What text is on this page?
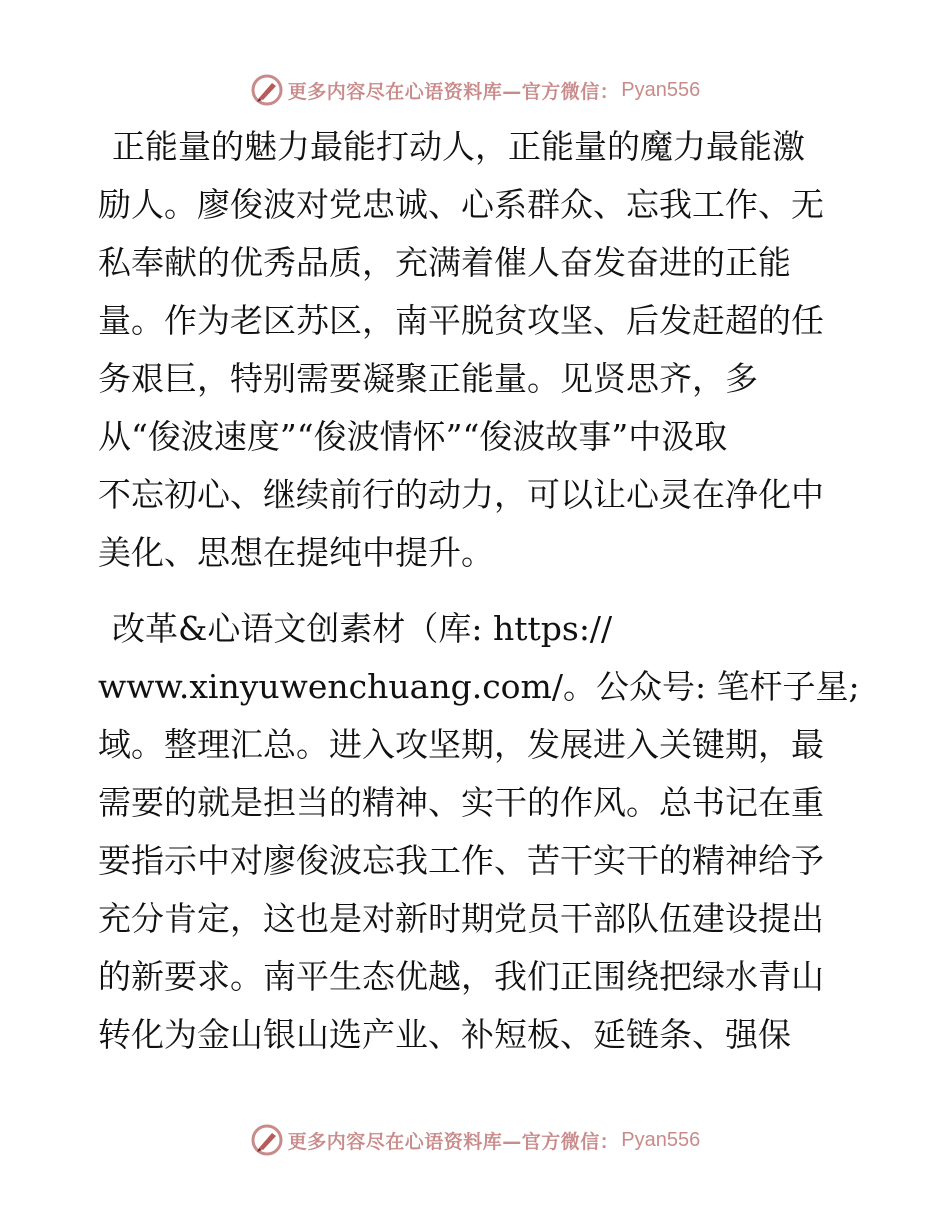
更多内容尽在心语资料库—官方微信： Pyan556
正能量的魅力最能打动人，正能量的魔力最能激
励人。廖俊波对党忠诚、心系群众、忘我工作、无
私奉献的优秀品质，充满着催人奋发奋进的正能
量。作为老区苏区，南平脱贫攻坚、后发赶超的任
务艰巨，特别需要凝聚正能量。见贤思齐，多
从“俊波速度”“俊波情怀”“俊波故事”中汲取
不忘初心、继续前行的动力，可以让心灵在净化中
美化、思想在提纯中提升。
改革&心语文创素材（库: https://
www.xinyuwenchuang.com/。公众号: 笔杆子星;
域。整理汇总。进入攻坚期，发展进入关键期，最
需要的就是担当的精神、实干的作风。总书记在重
要指示中对廖俊波忘我工作、苦干实干的精神给予
充分肯定，这也是对新时期党员干部队伍建设提出
的新要求。南平生态优越，我们正围绕把绿水青山
转化为金山银山选产业、补短板、延链条、强保
更多内容尽在心语资料库—官方微信： Pyan556
